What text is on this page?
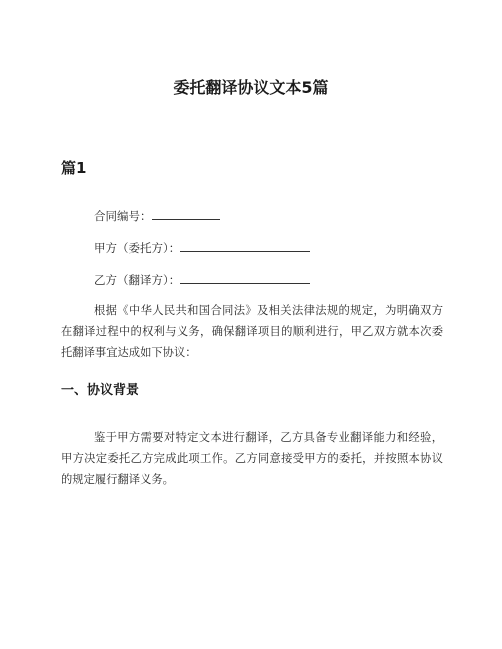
委托翻译协议文本5篇
篇1
合同编号：
甲方（委托方）：
乙方（翻译方）：
根据《中华人民共和国合同法》及相关法律法规的规定，为明确双方在翻译过程中的权利与义务，确保翻译项目的顺利进行，甲乙双方就本次委托翻译事宜达成如下协议：
一、协议背景
鉴于甲方需要对特定文本进行翻译，乙方具备专业翻译能力和经验，甲方决定委托乙方完成此项工作。乙方同意接受甲方的委托，并按照本协议的规定履行翻译义务。
